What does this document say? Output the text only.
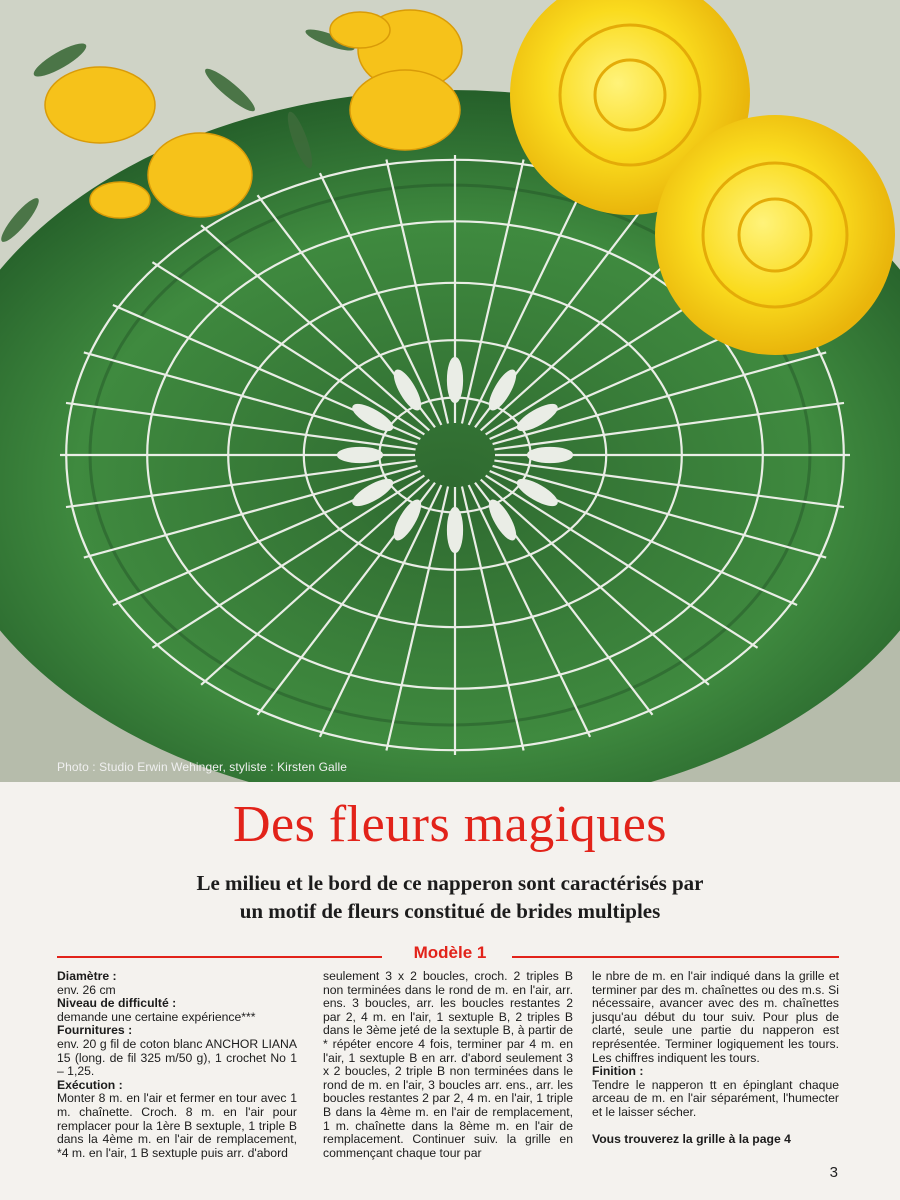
Photo : Studio Erwin Wehinger, styliste : Kirsten Galle
Des fleurs magiques
Le milieu et le bord de ce napperon sont caractérisés par
un motif de fleurs constitué de brides multiples
Modèle 1
Diamètre :
env. 26 cm
Niveau de difficulté :
demande une certaine expérience***
Fournitures :
env. 20 g fil de coton blanc ANCHOR LIANA 15 (long. de fil 325 m/50 g), 1 crochet No 1 – 1,25.
Exécution :
Monter 8 m. en l'air et fermer en tour avec 1 m. chaînette. Croch. 8 m. en l'air pour remplacer pour la 1ère B sextuple, 1 triple B dans la 4ème m. en l'air de remplacement, *4 m. en l'air, 1 B sextuple puis arr. d'abord
seulement 3 x 2 boucles, croch. 2 triples B non terminées dans le rond de m. en l'air, arr. ens. 3 boucles, arr. les boucles restantes 2 par 2, 4 m. en l'air, 1 sextuple B, 2 triples B dans le 3ème jeté de la sextuple B, à partir de * répéter encore 4 fois, terminer par 4 m. en l'air, 1 sextuple B en arr. d'abord seulement 3 x 2 boucles, 2 triple B non terminées dans le rond de m. en l'air, 3 boucles arr. ens., arr. les boucles restantes 2 par 2, 4 m. en l'air, 1 triple B dans la 4ème m. en l'air de remplacement, 1 m. chaînette dans la 8ème m. en l'air de remplacement. Continuer suiv. la grille en commençant chaque tour par
le nbre de m. en l'air indiqué dans la grille et terminer par des m. chaînettes ou des m.s. Si nécessaire, avancer avec des m. chaînettes jusqu'au début du tour suiv. Pour plus de clarté, seule une partie du napperon est représentée. Terminer logiquement les tours. Les chiffres indiquent les tours.
Finition :
Tendre le napperon tt en épinglant chaque arceau de m. en l'air séparément, l'humecter et le laisser sécher.
Vous trouverez la grille à la page 4
3
